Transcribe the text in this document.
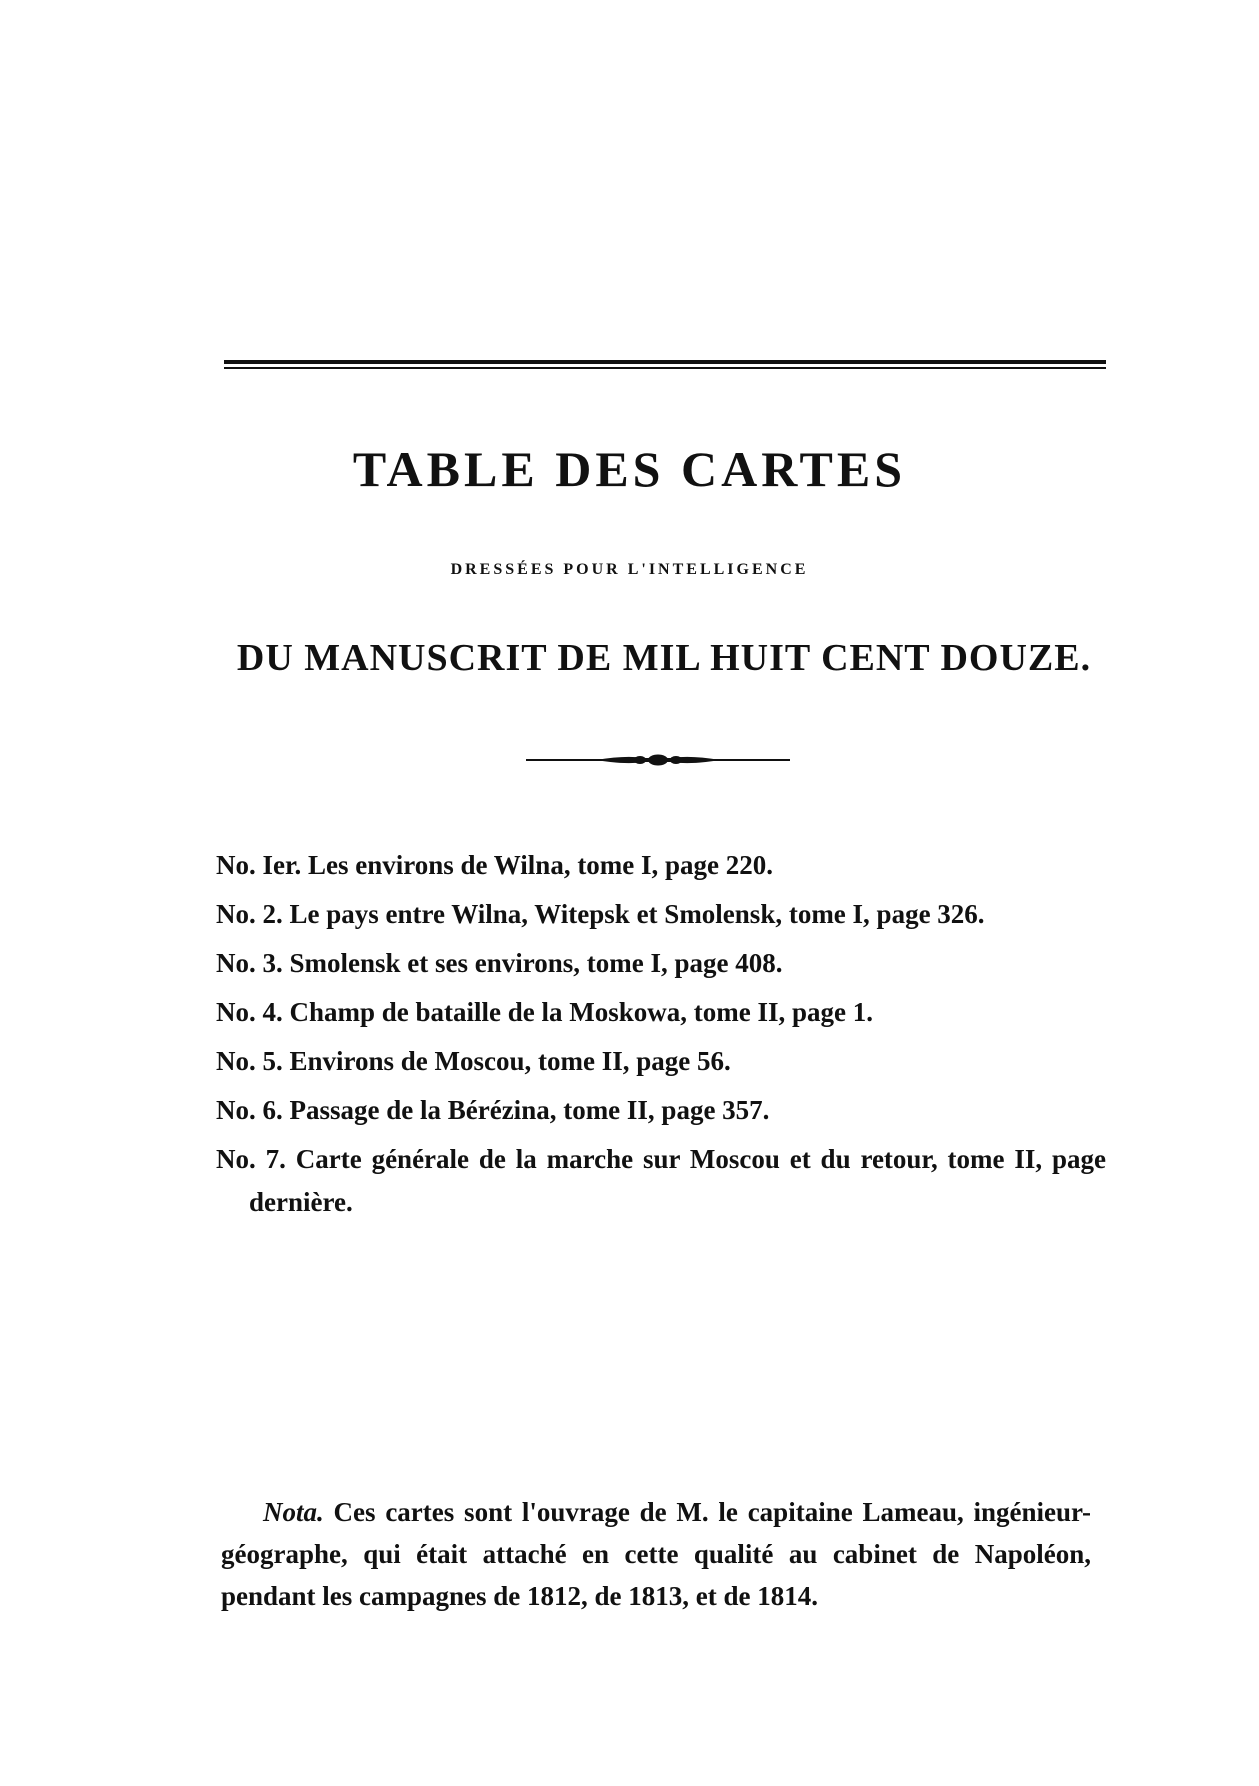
TABLE DES CARTES
DRESSÉES POUR L'INTELLIGENCE
DU MANUSCRIT DE MIL HUIT CENT DOUZE.
No. Ier. Les environs de Wilna, tome I, page 220.
No. 2. Le pays entre Wilna, Witepsk et Smolensk, tome I, page 326.
No. 3. Smolensk et ses environs, tome I, page 408.
No. 4. Champ de bataille de la Moskowa, tome II, page 1.
No. 5. Environs de Moscou, tome II, page 56.
No. 6. Passage de la Bérézina, tome II, page 357.
No. 7. Carte générale de la marche sur Moscou et du retour, tome II, page dernière.

Nota. Ces cartes sont l'ouvrage de M. le capitaine Lameau, ingénieur-géographe, qui était attaché en cette qualité au cabinet de Napoléon, pendant les campagnes de 1812, de 1813, et de 1814.
